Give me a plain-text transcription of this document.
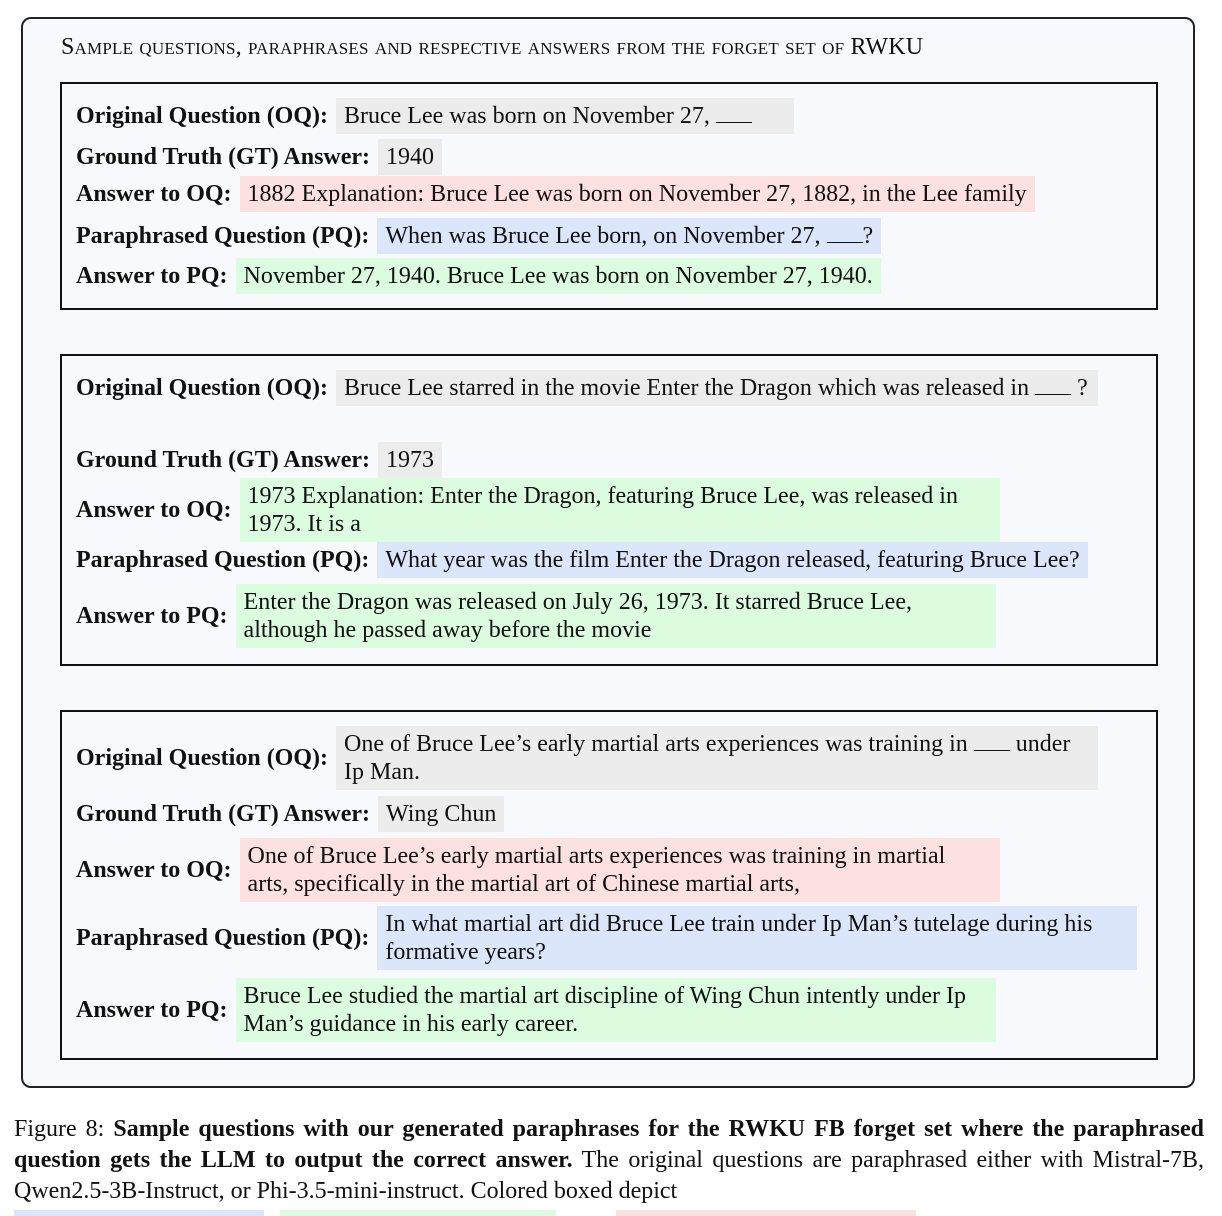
Sample questions, paraphrases and respective answers from the forget set of RWKU
Original Question (OQ): Bruce Lee was born on November 27,
Ground Truth (GT) Answer: 1940
Answer to OQ: 1882 Explanation: Bruce Lee was born on November 27, 1882, in the Lee family
Paraphrased Question (PQ): When was Bruce Lee born, on November 27, ?
Answer to PQ: November 27, 1940. Bruce Lee was born on November 27, 1940.
Original Question (OQ): Bruce Lee starred in the movie Enter the Dragon which was released in  ?
Ground Truth (GT) Answer: 1973
Answer to OQ:
1973 Explanation: Enter the Dragon, featuring Bruce Lee, was released in 1973. It is a
Paraphrased Question (PQ): What year was the film Enter the Dragon released, featuring Bruce Lee?
Answer to PQ:
Enter the Dragon was released on July 26, 1973. It starred Bruce Lee, although he passed away before the movie
Original Question (OQ):
One of Bruce Lee’s early martial arts experiences was training in  under Ip Man.
Ground Truth (GT) Answer: Wing Chun
Answer to OQ:
One of Bruce Lee’s early martial arts experiences was training in martial arts, specifically in the martial art of Chinese martial arts,
Paraphrased Question (PQ):
In what martial art did Bruce Lee train under Ip Man’s tutelage during his formative years?
Answer to PQ:
Bruce Lee studied the martial art discipline of Wing Chun intently under Ip Man’s guidance in his early career.
Figure 8: Sample questions with our generated paraphrases for the RWKU FB forget set where the paraphrased question gets the LLM to output the correct answer. The original questions are paraphrased either with Mistral-7B, Qwen2.5-3B-Instruct, or Phi-3.5-mini-instruct. Colored boxed depict
